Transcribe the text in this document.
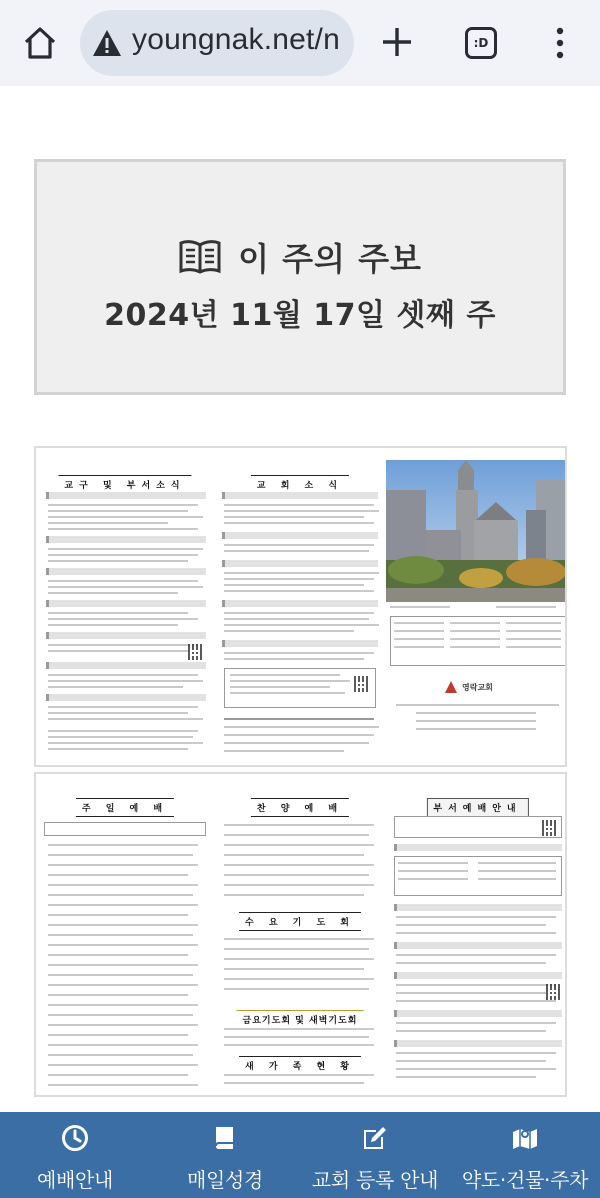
youngnak.net/n	:D
이 주의 주보
2024년 11월 17일 셋째 주
교구 및 부서소식	교 회 소 식
영락교회
주 일 예 배	찬 양 예 배
수 요 기 도 회
금요기도회 및 새벽기도회
새 가 족 현 황
부서예배안내
예배안내	매일성경	교회 등록 안내	약도·건물·주차
